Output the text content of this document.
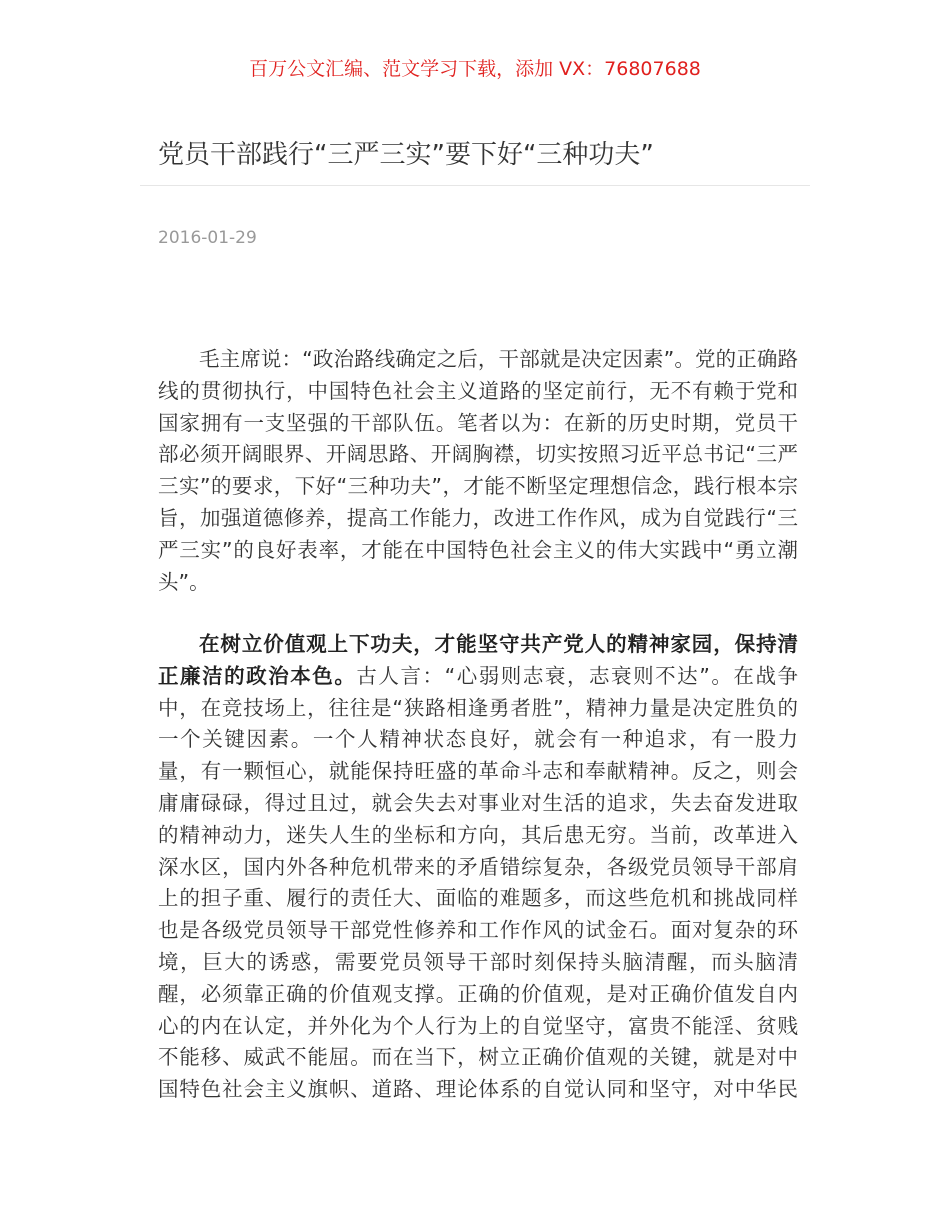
百万公文汇编、范文学习下载，添加 VX：76807688
党员干部践行“三严三实”要下好“三种功夫”
2016-01-29
毛主席说：“政治路线确定之后，干部就是决定因素”。党的正确路
线的贯彻执行，中国特色社会主义道路的坚定前行，无不有赖于党和
国家拥有一支坚强的干部队伍。笔者以为：在新的历史时期，党员干
部必须开阔眼界、开阔思路、开阔胸襟，切实按照习近平总书记“三严
三实”的要求，下好“三种功夫”，才能不断坚定理想信念，践行根本宗
旨，加强道德修养，提高工作能力，改进工作作风，成为自觉践行“三
严三实”的良好表率，才能在中国特色社会主义的伟大实践中“勇立潮
头”。
在树立价值观上下功夫，才能坚守共产党人的精神家园，保持清
正廉洁的政治本色。古人言：“心弱则志衰，志衰则不达”。在战争
中，在竞技场上，往往是“狭路相逢勇者胜”，精神力量是决定胜负的
一个关键因素。一个人精神状态良好，就会有一种追求，有一股力
量，有一颗恒心，就能保持旺盛的革命斗志和奉献精神。反之，则会
庸庸碌碌，得过且过，就会失去对事业对生活的追求，失去奋发进取
的精神动力，迷失人生的坐标和方向，其后患无穷。当前，改革进入
深水区，国内外各种危机带来的矛盾错综复杂，各级党员领导干部肩
上的担子重、履行的责任大、面临的难题多，而这些危机和挑战同样
也是各级党员领导干部党性修养和工作作风的试金石。面对复杂的环
境，巨大的诱惑，需要党员领导干部时刻保持头脑清醒，而头脑清
醒，必须靠正确的价值观支撑。正确的价值观，是对正确价值发自内
心的内在认定，并外化为个人行为上的自觉坚守，富贵不能淫、贫贱
不能移、威武不能屈。而在当下，树立正确价值观的关键，就是对中
国特色社会主义旗帜、道路、理论体系的自觉认同和坚守，对中华民
